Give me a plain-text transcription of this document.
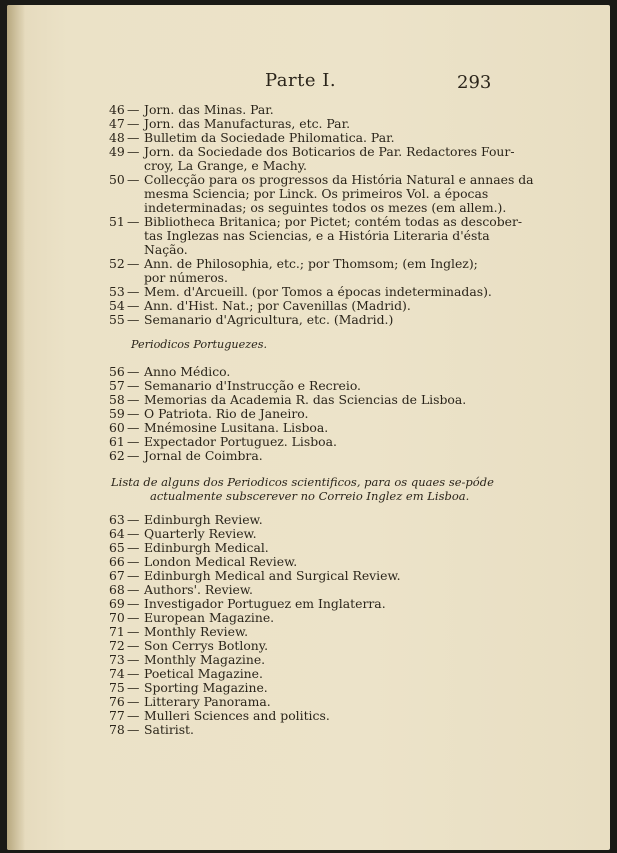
Parte I.	293
46 — Jorn. das Minas. Par.
47 — Jorn. das Manufacturas, etc. Par.
48 — Bulletim da Sociedade Philomatica. Par.
49 — Jorn. da Sociedade dos Boticarios de Par. Redactores Four-
croy, La Grange, e Machy.
50 — Collecção para os progressos da História Natural e annaes da
mesma Sciencia; por Linck. Os primeiros Vol. a épocas
indeterminadas; os seguintes todos os mezes (em allem.).
51 — Bibliotheca Britanica; por Pictet; contém todas as descober-
tas Inglezas nas Sciencias, e a História Literaria d'ésta
Nação.
52 — Ann. de Philosophia, etc.; por Thomsom; (em Inglez);
por números.
53 — Mem. d'Arcueill. (por Tomos a épocas indeterminadas).
54 — Ann. d'Hist. Nat.; por Cavenillas (Madrid).
55 — Semanario d'Agricultura, etc. (Madrid.)
Periodicos Portuguezes.
56 — Anno Médico.
57 — Semanario d'Instrucção e Recreio.
58 — Memorias da Academia R. das Sciencias de Lisboa.
59 — O Patriota. Rio de Janeiro.
60 — Mnémosine Lusitana. Lisboa.
61 — Expectador Portuguez. Lisboa.
62 — Jornal de Coimbra.
Lista de alguns dos Periodicos scientificos, para os quaes se-póde
actualmente subscerever no Correio Inglez em Lisboa.
63 — Edinburgh Review.
64 — Quarterly Review.
65 — Edinburgh Medical.
66 — London Medical Review.
67 — Edinburgh Medical and Surgical Review.
68 — Authors'. Review.
69 — Investigador Portuguez em Inglaterra.
70 — European Magazine.
71 — Monthly Review.
72 — Son Cerrys Botlony.
73 — Monthly Magazine.
74 — Poetical Magazine.
75 — Sporting Magazine.
76 — Litterary Panorama.
77 — Mulleri Sciences and politics.
78 — Satirist.
